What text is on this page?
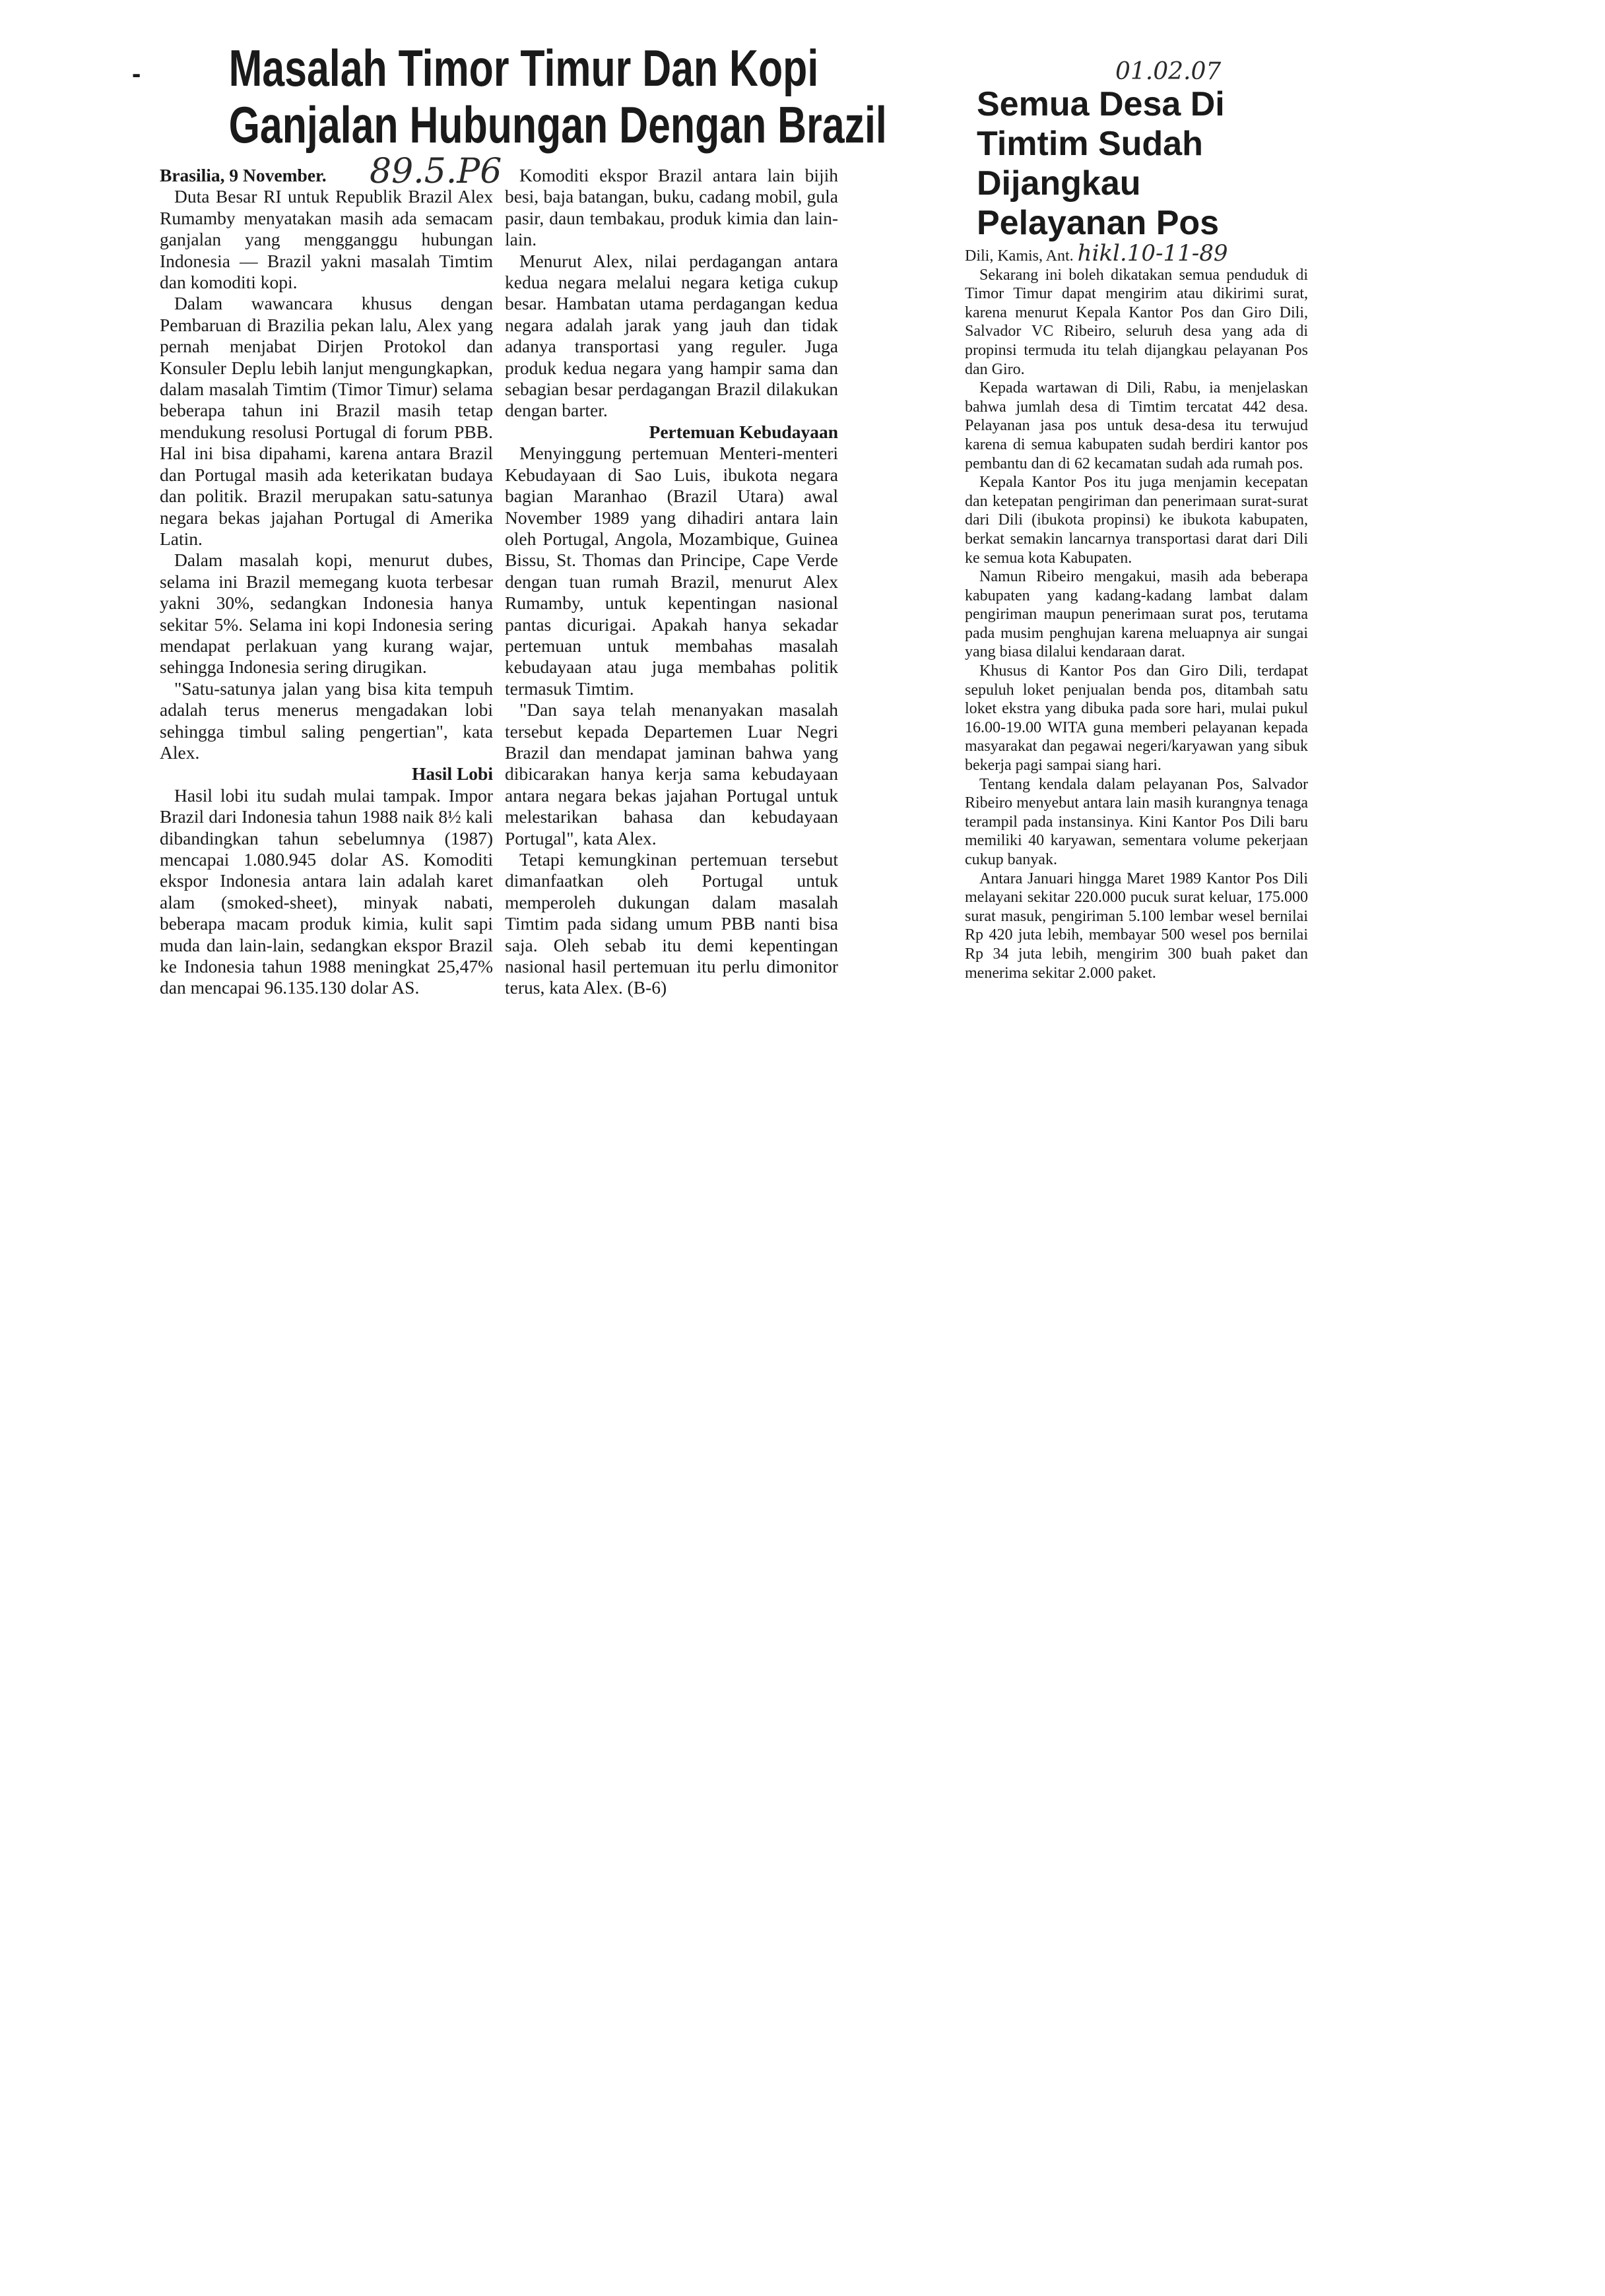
- Masalah Timor Timur Dan Kopi
Ganjalan Hubungan Dengan Brazil
89.5.P6

Brasilia, 9 November.

Duta Besar RI untuk Republik Brazil Alex Rumamby menyatakan masih ada semacam ganjalan yang mengganggu hubungan Indonesia — Brazil yakni masalah Timtim dan komoditi kopi.

Dalam wawancara khusus dengan Pembaruan di Brazilia pekan lalu, Alex yang pernah menjabat Dirjen Protokol dan Konsuler Deplu lebih lanjut mengungkapkan, dalam masalah Timtim (Timor Timur) selama beberapa tahun ini Brazil masih tetap mendukung resolusi Portugal di forum PBB. Hal ini bisa dipahami, karena antara Brazil dan Portugal masih ada keterikatan budaya dan politik. Brazil merupakan satu-satunya negara bekas jajahan Portugal di Amerika Latin.

Dalam masalah kopi, menurut dubes, selama ini Brazil memegang kuota terbesar yakni 30%, sedangkan Indonesia hanya sekitar 5%. Selama ini kopi Indonesia sering mendapat perlakuan yang kurang wajar, sehingga Indonesia sering dirugikan.

"Satu-satunya jalan yang bisa kita tempuh adalah terus menerus mengadakan lobi sehingga timbul saling pengertian", kata Alex.

Hasil Lobi

Hasil lobi itu sudah mulai tampak. Impor Brazil dari Indonesia tahun 1988 naik 8½ kali dibandingkan tahun sebelumnya (1987) mencapai 1.080.945 dolar AS. Komoditi ekspor Indonesia antara lain adalah karet alam (smoked-sheet), minyak nabati, beberapa macam produk kimia, kulit sapi muda dan lain-lain, sedangkan ekspor Brazil ke Indonesia tahun 1988 meningkat 25,47% dan mencapai 96.135.130 dolar AS.

Komoditi ekspor Brazil antara lain bijih besi, baja batangan, buku, cadang mobil, gula pasir, daun tembakau, produk kimia dan lain-lain.

Menurut Alex, nilai perdagangan antara kedua negara melalui negara ketiga cukup besar. Hambatan utama perdagangan kedua negara adalah jarak yang jauh dan tidak adanya transportasi yang reguler. Juga produk kedua negara yang hampir sama dan sebagian besar perdagangan Brazil dilakukan dengan barter.

Pertemuan Kebudayaan

Menyinggung pertemuan Menteri-menteri Kebudayaan di Sao Luis, ibukota negara bagian Maranhao (Brazil Utara) awal November 1989 yang dihadiri antara lain oleh Portugal, Angola, Mozambique, Guinea Bissu, St. Thomas dan Principe, Cape Verde dengan tuan rumah Brazil, menurut Alex Rumamby, untuk kepentingan nasional pantas dicurigai. Apakah hanya sekadar pertemuan untuk membahas masalah kebudayaan atau juga membahas politik termasuk Timtim.

"Dan saya telah menanyakan masalah tersebut kepada Departemen Luar Negri Brazil dan mendapat jaminan bahwa yang dibicarakan hanya kerja sama kebudayaan antara negara bekas jajahan Portugal untuk melestarikan bahasa dan kebudayaan Portugal", kata Alex.

Tetapi kemungkinan pertemuan tersebut dimanfaatkan oleh Portugal untuk memperoleh dukungan dalam masalah Timtim pada sidang umum PBB nanti bisa saja. Oleh sebab itu demi kepentingan nasional hasil pertemuan itu perlu dimonitor terus, kata Alex. (B-6)

01.02.07
Semua Desa Di
Timtim Sudah
Dijangkau
Pelayanan Pos

Dili, Kamis, Ant. hikl.10-11-89

Sekarang ini boleh dikatakan semua penduduk di Timor Timur dapat mengirim atau dikirimi surat, karena menurut Kepala Kantor Pos dan Giro Dili, Salvador VC Ribeiro, seluruh desa yang ada di propinsi termuda itu telah dijangkau pelayanan Pos dan Giro.

Kepada wartawan di Dili, Rabu, ia menjelaskan bahwa jumlah desa di Timtim tercatat 442 desa. Pelayanan jasa pos untuk desa-desa itu terwujud karena di semua kabupaten sudah berdiri kantor pos pembantu dan di 62 kecamatan sudah ada rumah pos.

Kepala Kantor Pos itu juga menjamin kecepatan dan ketepatan pengiriman dan penerimaan surat-surat dari Dili (ibukota propinsi) ke ibukota kabupaten, berkat semakin lancarnya transportasi darat dari Dili ke semua kota Kabupaten.

Namun Ribeiro mengakui, masih ada beberapa kabupaten yang kadang-kadang lambat dalam pengiriman maupun penerimaan surat pos, terutama pada musim penghujan karena meluapnya air sungai yang biasa dilalui kendaraan darat.

Khusus di Kantor Pos dan Giro Dili, terdapat sepuluh loket penjualan benda pos, ditambah satu loket ekstra yang dibuka pada sore hari, mulai pukul 16.00-19.00 WITA guna memberi pelayanan kepada masyarakat dan pegawai negeri/karyawan yang sibuk bekerja pagi sampai siang hari.

Tentang kendala dalam pelayanan Pos, Salvador Ribeiro menyebut antara lain masih kurangnya tenaga terampil pada instansinya. Kini Kantor Pos Dili baru memiliki 40 karyawan, sementara volume pekerjaan cukup banyak.

Antara Januari hingga Maret 1989 Kantor Pos Dili melayani sekitar 220.000 pucuk surat keluar, 175.000 surat masuk, pengiriman 5.100 lembar wesel bernilai Rp 420 juta lebih, membayar 500 wesel pos bernilai Rp 34 juta lebih, mengirim 300 buah paket dan menerima sekitar 2.000 paket.
